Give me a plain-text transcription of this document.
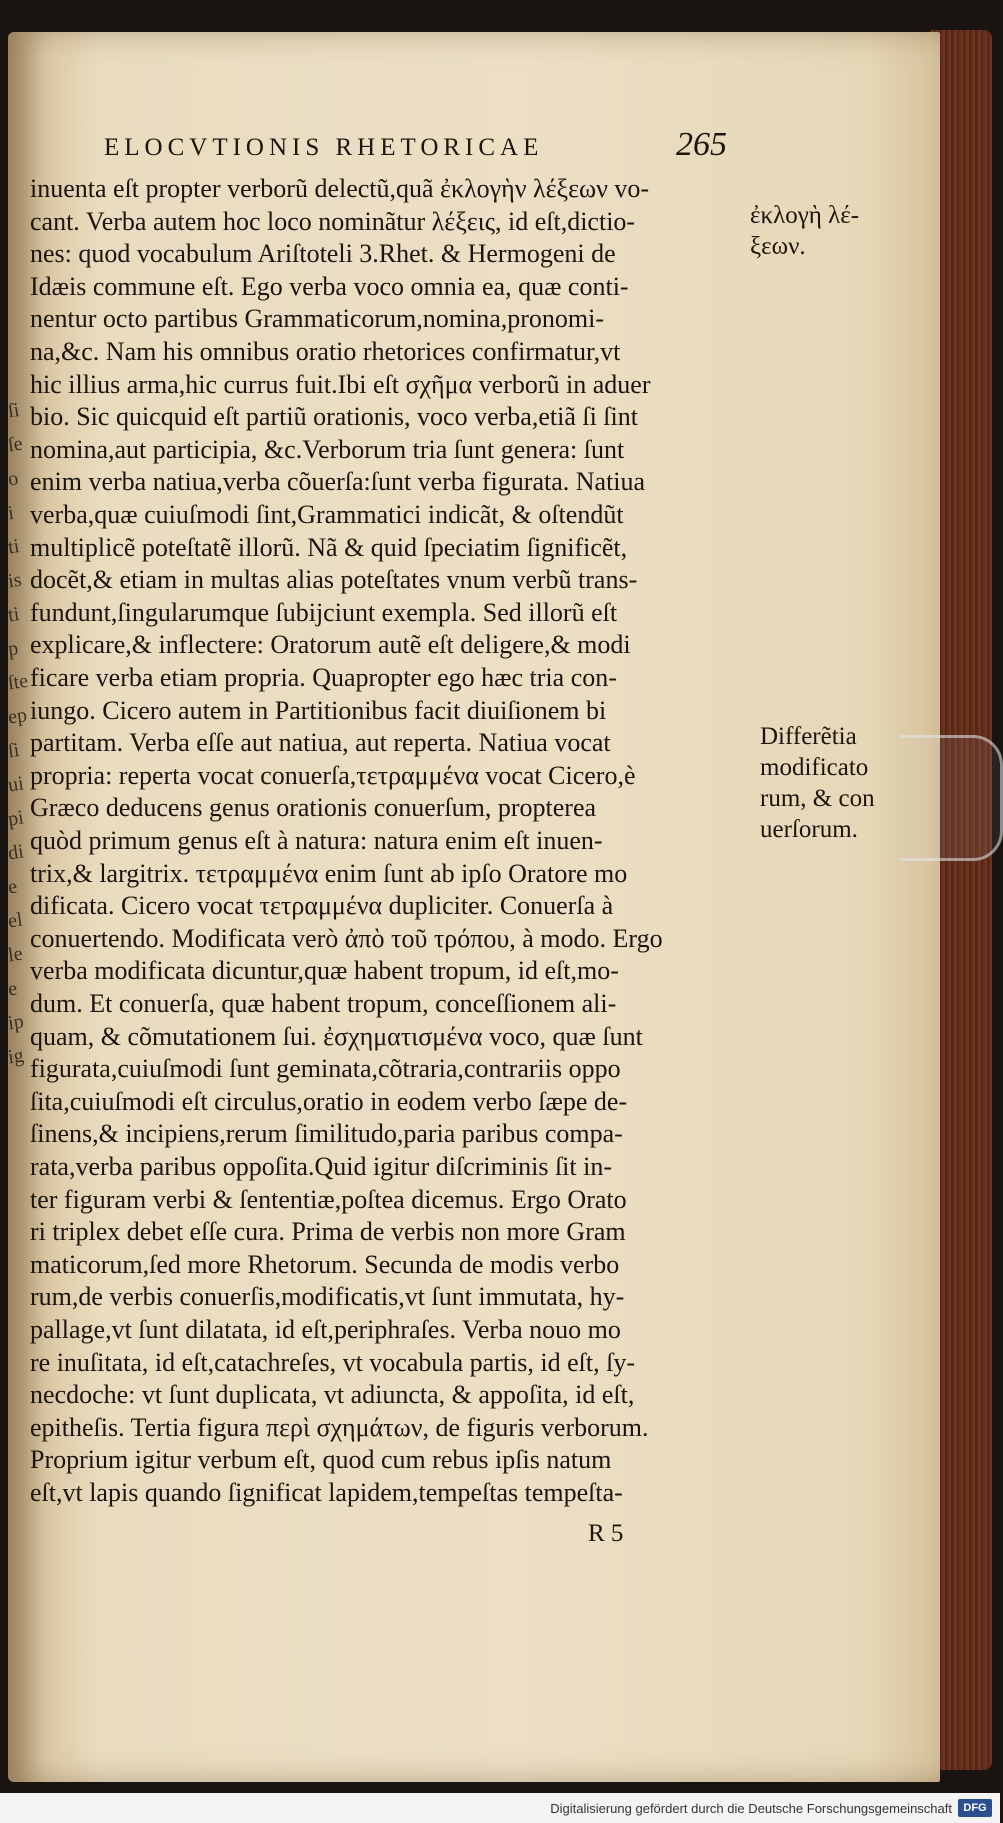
ſi
ſe
o
i
ti
is
ti
p
ſte
ep
ſi
ui
pi
di
e
el
le
e
ip
ig
ELOCVTIONIS RHETORICAE	265
inuenta eſt propter verborũ delectũ,quã ἐκλογὴν λέξεων vo-
cant. Verba autem hoc loco nominãtur λέξεις, id eſt,dictio-
nes: quod vocabulum Ariſtoteli 3.Rhet. & Hermogeni de
Idæis commune eſt. Ego verba voco omnia ea, quæ conti-
nentur octo partibus Grammaticorum,nomina,pronomi-
na,&c. Nam his omnibus oratio rhetorices confirmatur,vt
hic illius arma,hic currus fuit.Ibi eſt σχῆμα verborũ in aduer
bio. Sic quicquid eſt partiũ orationis, voco verba,etiã ſi ſint
nomina,aut participia, &c.Verborum tria ſunt genera: ſunt
enim verba natiua,verba cõuerſa:ſunt verba figurata. Natiua
verba,quæ cuiuſmodi ſint,Grammatici indicãt, & oſtendũt
multiplicẽ poteſtatẽ illorũ. Nã & quid ſpeciatim ſignificẽt,
docẽt,& etiam in multas alias poteſtates vnum verbũ trans-
fundunt,ſingularumque ſubijciunt exempla. Sed illorũ eſt
explicare,& inflectere: Oratorum autẽ eſt deligere,& modi
ficare verba etiam propria. Quapropter ego hæc tria con-
iungo. Cicero autem in Partitionibus facit diuiſionem bi
partitam. Verba eſſe aut natiua, aut reperta. Natiua vocat
propria: reperta vocat conuerſa,τετραμμένα vocat Cicero,è
Græco deducens genus orationis conuerſum, propterea
quòd primum genus eſt à natura: natura enim eſt inuen-
trix,& largitrix. τετραμμένα enim ſunt ab ipſo Oratore mo
dificata. Cicero vocat τετραμμένα dupliciter. Conuerſa à
conuertendo. Modificata verò ἀπὸ τοῦ τρόπου, à modo. Ergo
verba modificata dicuntur,quæ habent tropum, id eſt,mo-
dum. Et conuerſa, quæ habent tropum, conceſſionem ali-
quam, & cõmutationem ſui. ἐσχηματισμένα voco, quæ ſunt
figurata,cuiuſmodi ſunt geminata,cõtraria,contrariis oppo
ſita,cuiuſmodi eſt circulus,oratio in eodem verbo ſæpe de-
ſinens,& incipiens,rerum ſimilitudo,paria paribus compa-
rata,verba paribus oppoſita.Quid igitur diſcriminis ſit in-
ter figuram verbi & ſententiæ,poſtea dicemus. Ergo Orato
ri triplex debet eſſe cura. Prima de verbis non more Gram
maticorum,ſed more Rhetorum. Secunda de modis verbo
rum,de verbis conuerſis,modificatis,vt ſunt immutata, hy-
pallage,vt ſunt dilatata, id eſt,periphraſes. Verba nouo mo
re inuſitata, id eſt,catachreſes, vt vocabula partis, id eſt, ſy-
necdoche: vt ſunt duplicata, vt adiuncta, & appoſita, id eſt,
epitheſis. Tertia figura περὶ σχημάτων, de figuris verborum.
Proprium igitur verbum eſt, quod cum rebus ipſis natum
eſt,vt lapis quando ſignificat lapidem,tempeſtas tempeſta-
ἐκλογὴ λέ-
ξεων.
Differẽtia
modificato
rum, & con
uerſorum.
R 5
Digitalisierung gefördert durch die Deutsche Forschungsgemeinschaft	DFG
